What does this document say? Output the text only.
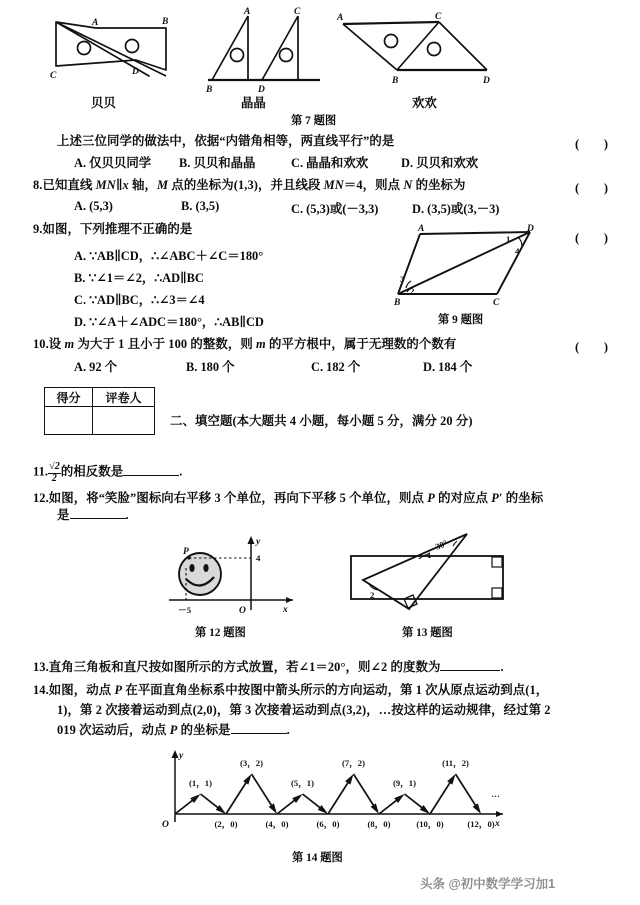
A	B
C	D
贝贝
A	C
B	D
晶晶
A	C
B	D
欢欢
第 7 题图
上述三位同学的做法中，依据“内错角相等，两直线平行”的是	(　　)
A. 仅贝贝同学 B. 贝贝和晶晶	C. 晶晶和欢欢	D. 贝贝和欢欢
8.已知直线 MN∥x 轴，M 点的坐标为(1,3)，并且线段 MN＝4，则点 N 的坐标为	(　　)
A. (5,3)	B. (3,5)	C. (5,3)或(－3,3)	D. (3,5)或(3,－3)
9.如图，下列推理不正确的是
A. ∵AB∥CD，∴∠ABC＋∠C＝180°
B. ∵∠1＝∠2，∴AD∥BC
C. ∵AD∥BC，∴∠3＝∠4
D. ∵∠A＋∠ADC＝180°，∴AB∥CD
(　　)
A	D
B	C
1
2
3
4
第 9 题图
10.设 m 为大于 1 且小于 100 的整数，则 m 的平方根中，属于无理数的个数有	(　　)
A. 92 个	B. 180 个	C. 182 个	D. 184 个
得分	评卷人

二、填空题(本大题共 4 小题，每小题 5 分，满分 20 分)
11. $\frac{√2}{2}$ 的相反数是	.
12.如图，将“笑脸”图标向右平移 3 个单位，再向下平移 5 个单位，则点 P 的对应点 P′ 的坐标
是	.
P
y
x
O
4
－5
第 12 题图
1
2
30°
第 13 题图
13.直角三角板和直尺按如图所示的方式放置，若∠1＝20°，则∠2 的度数为	.
14.如图，动点 P 在平面直角坐标系中按图中箭头所示的方向运动，第 1 次从原点运动到点(1，
1)，第 2 次接着运动到点(2,0)，第 3 次接着运动到点(3,2)，…按这样的运动规律，经过第 2
019 次运动后，动点 P 的坐标是	.
y
x
O
(1，1)
(2，0)
(3，2)
(4，0)
(5，1)
(6，0)
(7，2)
(8，0)
(9，1)
(10，0)
(11，2)
(12，0)
…
第 14 题图
头条 @初中数学学习加1
